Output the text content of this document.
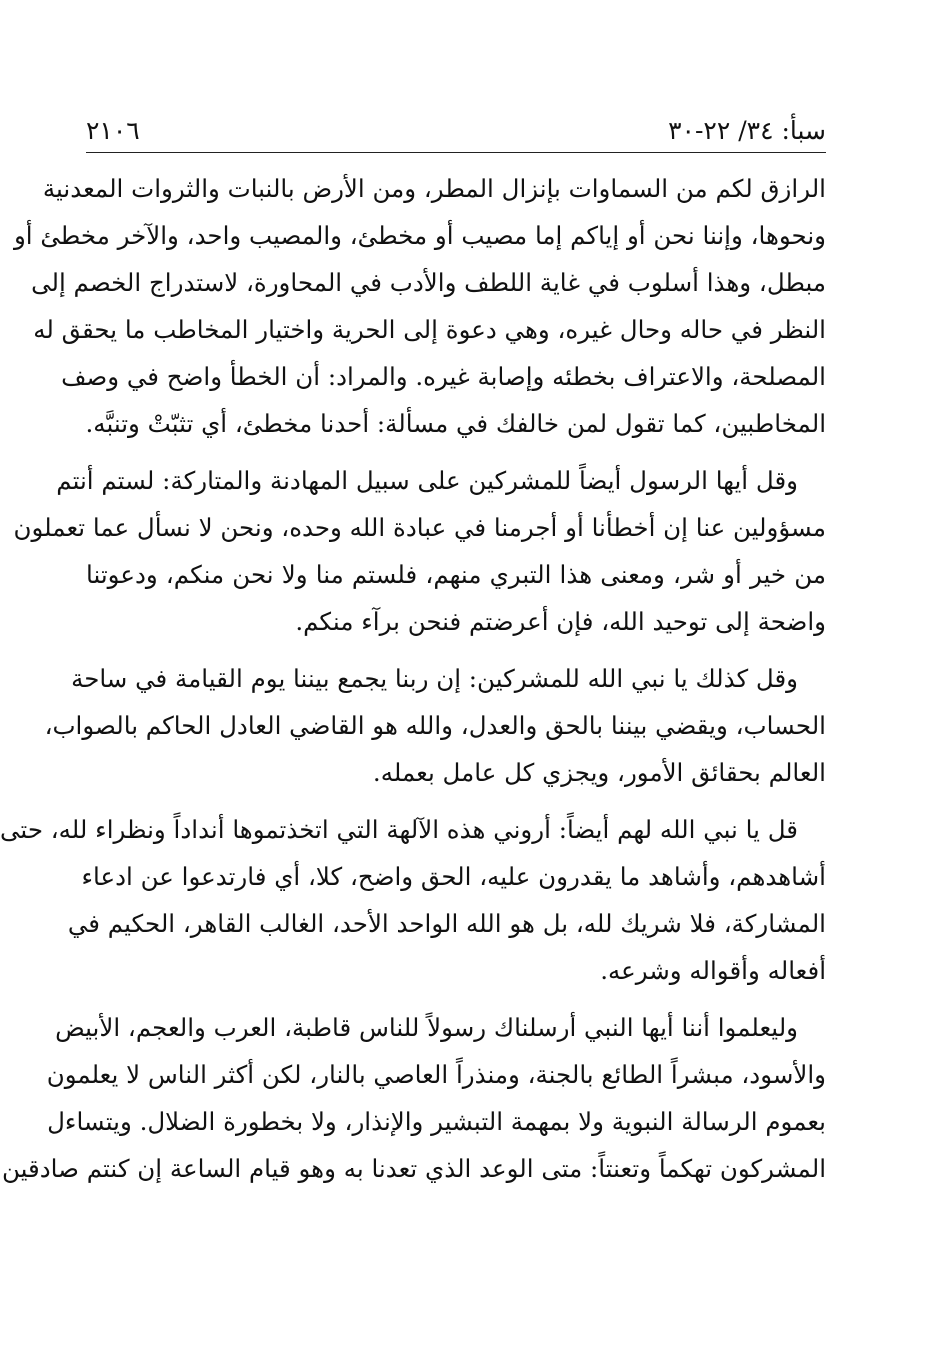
سبأ: ٣٤/ ٢٢-٣٠
٢١٠٦
الرازق لكم من السماوات بإنزال المطر، ومن الأرض بالنبات والثروات المعدنية
ونحوها، وإننا نحن أو إياكم إما مصيب أو مخطئ، والمصيب واحد، والآخر مخطئ أو
مبطل، وهذا أسلوب في غاية اللطف والأدب في المحاورة، لاستدراج الخصم إلى
النظر في حاله وحال غيره، وهي دعوة إلى الحرية واختيار المخاطب ما يحقق له
المصلحة، والاعتراف بخطئه وإصابة غيره. والمراد: أن الخطأ واضح في وصف
المخاطبين، كما تقول لمن خالفك في مسألة: أحدنا مخطئ، أي تثبّتْ وتنبَّه.
وقل أيها الرسول أيضاً للمشركين على سبيل المهادنة والمتاركة: لستم أنتم
مسؤولين عنا إن أخطأنا أو أجرمنا في عبادة الله وحده، ونحن لا نسأل عما تعملون
من خير أو شر، ومعنى هذا التبري منهم، فلستم منا ولا نحن منكم، ودعوتنا
واضحة إلى توحيد الله، فإن أعرضتم فنحن برآء منكم.
وقل كذلك يا نبي الله للمشركين: إن ربنا يجمع بيننا يوم القيامة في ساحة
الحساب، ويقضي بيننا بالحق والعدل، والله هو القاضي العادل الحاكم بالصواب،
العالم بحقائق الأمور، ويجزي كل عامل بعمله.
قل يا نبي الله لهم أيضاً: أروني هذه الآلهة التي اتخذتموها أنداداً ونظراء لله، حتى
أشاهدهم، وأشاهد ما يقدرون عليه، الحق واضح، كلا، أي فارتدعوا عن ادعاء
المشاركة، فلا شريك لله، بل هو الله الواحد الأحد، الغالب القاهر، الحكيم في
أفعاله وأقواله وشرعه.
وليعلموا أننا أيها النبي أرسلناك رسولاً للناس قاطبة، العرب والعجم، الأبيض
والأسود، مبشراً الطائع بالجنة، ومنذراً العاصي بالنار، لكن أكثر الناس لا يعلمون
بعموم الرسالة النبوية ولا بمهمة التبشير والإنذار، ولا بخطورة الضلال. ويتساءل
المشركون تهكماً وتعنتاً: متى الوعد الذي تعدنا به وهو قيام الساعة إن كنتم صادقين
